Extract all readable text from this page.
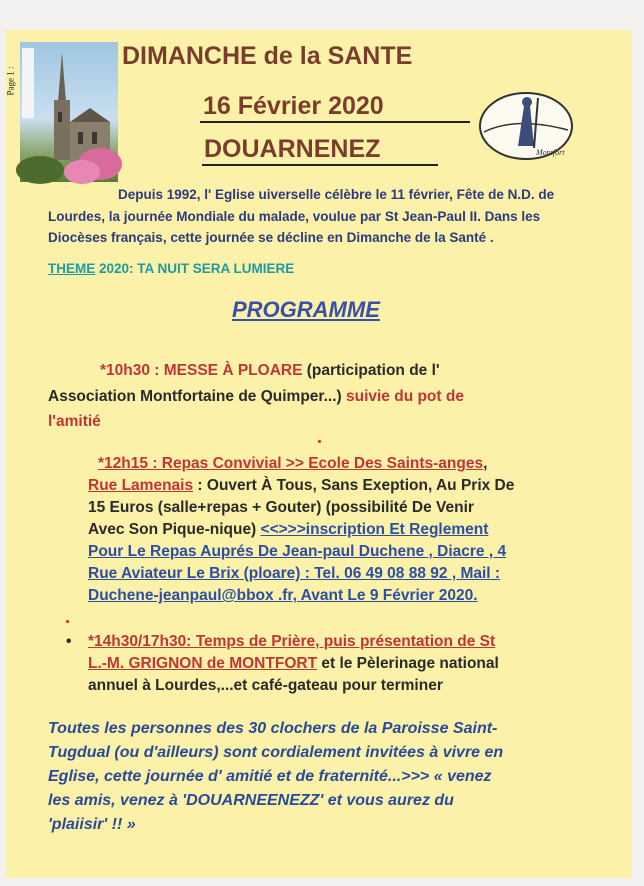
Page 1 :
DIMANCHE de la SANTE
16 Février 2020
DOUARNENEZ	Montfort
Depuis 1992, l' Eglise uiverselle célèbre le 11 février, Fête de N.D. de
Lourdes, la journée Mondiale du malade, voulue par St Jean-Paul II. Dans les
Diocèses français, cette journée se décline en Dimanche de la Santé .
THEME 2020: TA NUIT SERA LUMIERE
PROGRAMME
*10h30 : MESSE À PLOARE (participation de l'
Association Montfortaine de Quimper...) suivie du pot de
l'amitié
*12h15 : Repas Convivial >> Ecole Des Saints-anges,
Rue Lamenais : Ouvert À Tous, Sans Exeption, Au Prix De
15 Euros (salle+repas + Gouter) (possibilité De Venir
Avec Son Pique-nique) <<>>>inscription Et Reglement
Pour Le Repas Auprés De Jean-paul Duchene , Diacre , 4
Rue Aviateur Le Brix (ploare) : Tel. 06 49 08 88 92 , Mail :
Duchene-jeanpaul@bbox .fr, Avant Le 9 Février 2020.
• *14h30/17h30: Temps de Prière, puis présentation de St
L.-M. GRIGNON de MONTFORT et le Pèlerinage national
annuel à Lourdes,...et café-gateau pour terminer
Toutes les personnes des 30 clochers de la Paroisse Saint-
Tugdual (ou d'ailleurs) sont cordialement invitées à vivre en
Eglise, cette journée d' amitié et de fraternité...>>> « venez
les amis, venez à 'DOUARNEENEZZ' et vous aurez du
'plaiisir' !! »
